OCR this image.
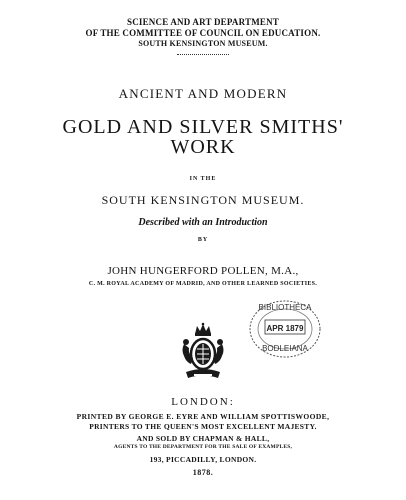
SCIENCE AND ART DEPARTMENT
OF THE COMMITTEE OF COUNCIL ON EDUCATION.
SOUTH KENSINGTON MUSEUM.
ANCIENT AND MODERN
GOLD AND SILVER SMITHS'
WORK
IN THE
SOUTH KENSINGTON MUSEUM.
Described with an Introduction
BY
JOHN HUNGERFORD POLLEN, M.A.,
C. M. ROYAL ACADEMY OF MADRID, AND OTHER LEARNED SOCIETIES.
BIBLIOTHECA
APR 1879
BODLEIANA
LONDON:
PRINTED BY GEORGE E. EYRE AND WILLIAM SPOTTISWOODE,
PRINTERS TO THE QUEEN'S MOST EXCELLENT MAJESTY.
AND SOLD BY CHAPMAN & HALL,
AGENTS TO THE DEPARTMENT FOR THE SALE OF EXAMPLES,
193, PICCADILLY, LONDON.
1878.
